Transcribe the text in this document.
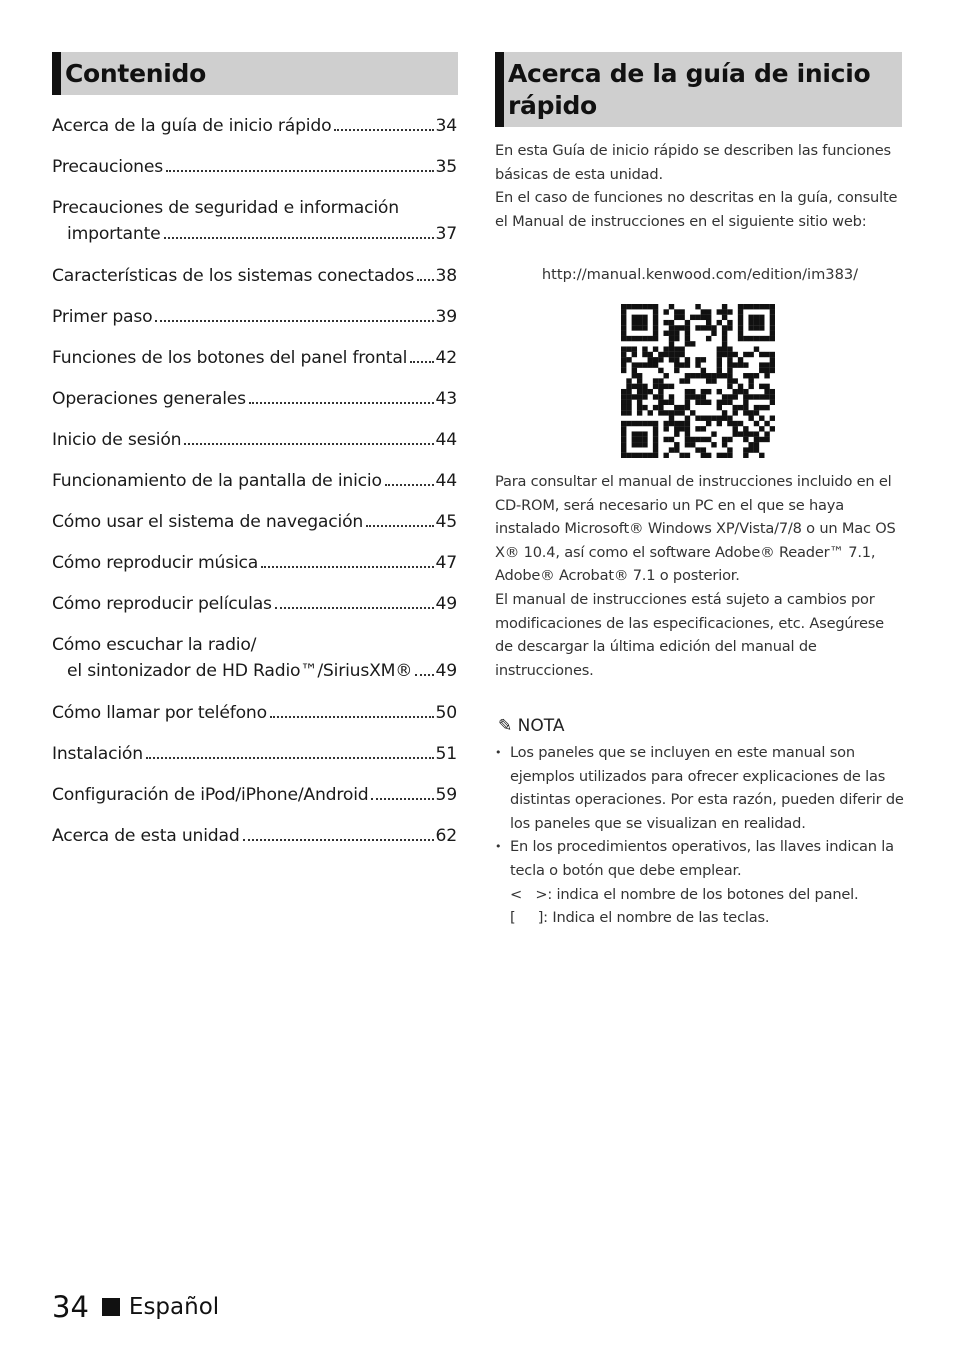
Contenido
Acerca de la guía de inicio rápido	34
Precauciones	35
Precauciones de seguridad e información
importante	37
Características de los sistemas conectados 38
Primer paso	39
Funciones de los botones del panel frontal 42
Operaciones generales	43
Inicio de sesión	44
Funcionamiento de la pantalla de inicio	44
Cómo usar el sistema de navegación	45
Cómo reproducir música	47
Cómo reproducir películas	49
Cómo escuchar la radio/
el sintonizador de HD Radio™/SiriusXM® 49
Cómo llamar por teléfono	50
Instalación	51
Configuración de iPod/iPhone/Android	59
Acerca de esta unidad	62
Acerca de la guía de inicio rápido
En esta Guía de inicio rápido se describen las funciones básicas de esta unidad.
En el caso de funciones no descritas en la guía, consulte el Manual de instrucciones en el siguiente sitio web:
http://manual.kenwood.com/edition/im383/
Para consultar el manual de instrucciones incluido en el CD-ROM, será necesario un PC en el que se haya instalado Microsoft® Windows XP/Vista/7/8 o un Mac OS X® 10.4, así como el software Adobe® Reader™ 7.1, Adobe® Acrobat® 7.1 o posterior.
El manual de instrucciones está sujeto a cambios por modificaciones de las especificaciones, etc. Asegúrese de descargar la última edición del manual de instrucciones.
✎ NOTA
• Los paneles que se incluyen en este manual son ejemplos utilizados para ofrecer explicaciones de las distintas operaciones. Por esta razón, pueden diferir de los paneles que se visualizan en realidad.
• En los procedimientos operativos, las llaves indican la tecla o botón que debe emplear.
<   >: indica el nombre de los botones del panel.
[     ]: Indica el nombre de las teclas.
34 Español
